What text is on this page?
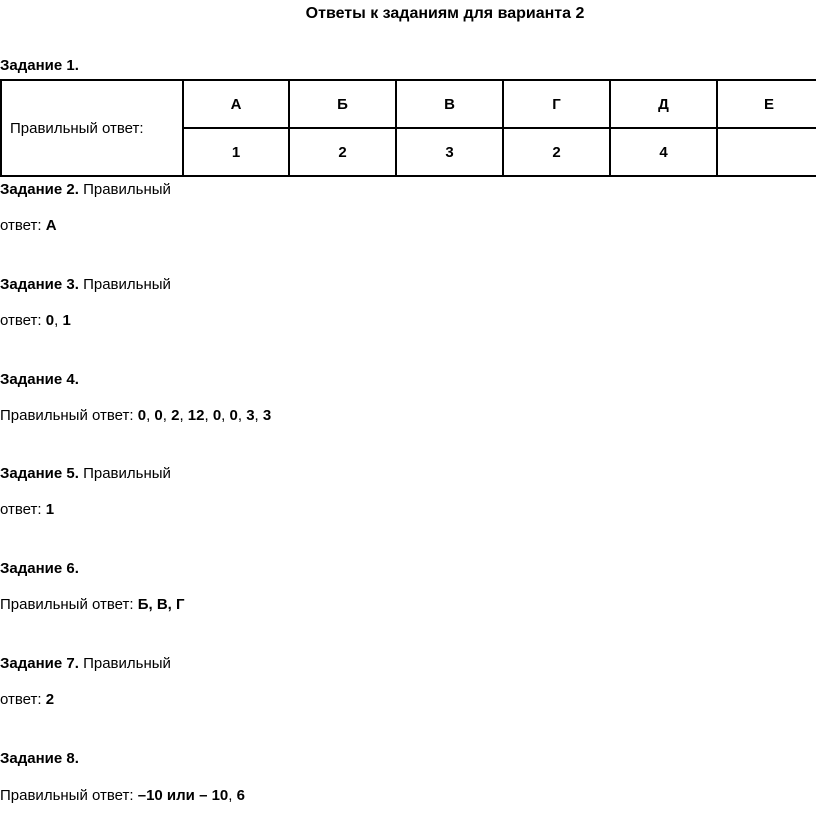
Ответы к заданиям для варианта 2
Задание 1.
Правильный ответ:	А	Б	В	Г	Д	Е
	1	2	3	2	4	
Задание 2. Правильный
ответ: А
Задание 3. Правильный
ответ: 0, 1
Задание 4.
Правильный ответ: 0, 0, 2, 12, 0, 0, 3, 3
Задание 5. Правильный
ответ: 1
Задание 6.
Правильный ответ: Б, В, Г
Задание 7. Правильный
ответ: 2
Задание 8.
Правильный ответ: –10 или – 10, 6
